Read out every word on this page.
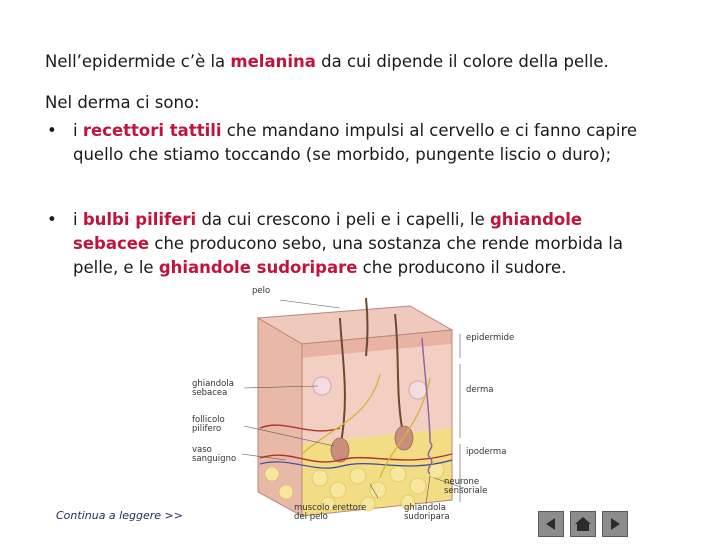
Nell’epidermide c’è la melanina da cui dipende il colore della pelle.
Nel derma ci sono:
• i recettori tattili che mandano impulsi al cervello e ci fanno capire quello che stiamo toccando (se morbido, pungente liscio o duro);
• i bulbi piliferi da cui crescono i peli e i capelli, le ghiandole sebacee che producono sebo, una sostanza che rende morbida la pelle, e le ghiandole sudoripare che producono il sudore.
pelo
epidermide
derma
ipoderma
ghiandola sebacea
follicolo pilifero
vaso sanguigno
neurone sensoriale
muscolo erettore del pelo
ghiandola sudoripara
Continua a leggere >>
